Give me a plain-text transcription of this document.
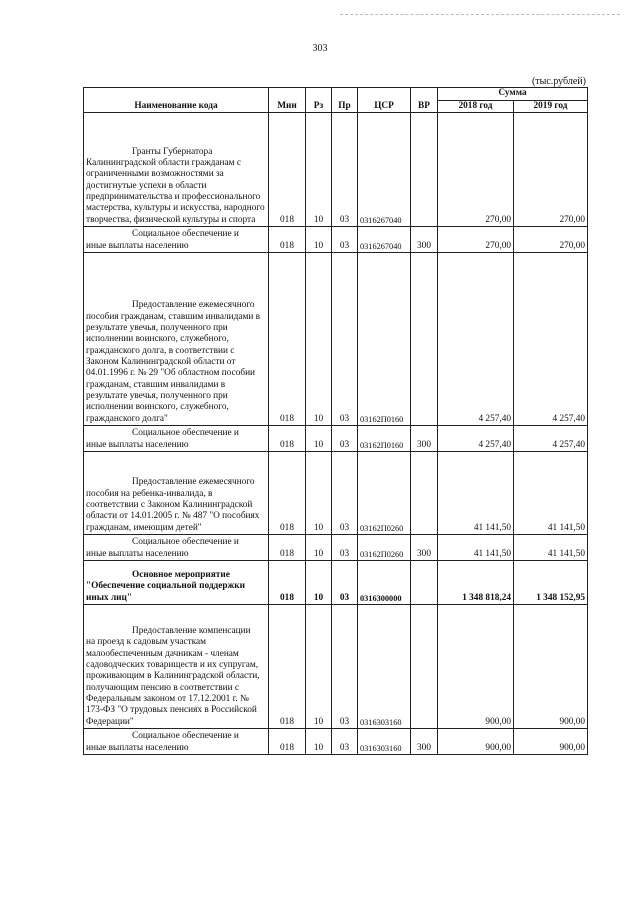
303
(тыс.рублей)
Наименование кода	Мин	Рз	Пр	ЦСР	ВР	Сумма	
						2018 год	2019 год

Гранты Губернатора
Калининградской области гражданам с ограниченными возможностями за достигнутые успехи в области предпринимательства и профессионального мастерства, культуры и искусства, народного творчества, физической культуры и спорта	018	10	03	0316267040		270,00	270,00

Социальное обеспечение и
иные выплаты населению	018	10	03	0316267040	300	270,00	270,00

Предоставление ежемесячного
пособия гражданам, ставшим инвалидами в результате увечья, полученного при исполнении воинского, служебного, гражданского долга, в соответствии с Законом Калининградской области от 04.01.1996 г. № 29 "Об областном пособии гражданам, ставшим инвалидами в результате увечья, полученного при исполнении воинского, служебного, гражданского долга"	018	10	03	03162П0160		4 257,40	4 257,40

Социальное обеспечение и
иные выплаты населению	018	10	03	03162П0160	300	4 257,40	4 257,40

Предоставление ежемесячного
пособия на ребенка-инвалида, в соответствии с Законом Калининградской области от 14.01.2005 г. № 487 "О пособиях гражданам, имеющим детей"	018	10	03	03162П0260		41 141,50	41 141,50

Социальное обеспечение и
иные выплаты населению	018	10	03	03162П0260	300	41 141,50	41 141,50

Основное мероприятие
"Обеспечение социальной поддержки иных лиц"	018	10	03	0316300000		1 348 818,24	1 348 152,95

Предоставление компенсации
на проезд к садовым участкам малообеспеченным дачникам - членам садоводческих товариществ и их супругам, проживающим в Калининградской области, получающим пенсию в соответствии с Федеральным законом от 17.12.2001 г. № 173-ФЗ "О трудовых пенсиях в Российской Федерации"	018	10	03	0316303160		900,00	900,00

Социальное обеспечение и
иные выплаты населению	018	10	03	0316303160	300	900,00	900,00
